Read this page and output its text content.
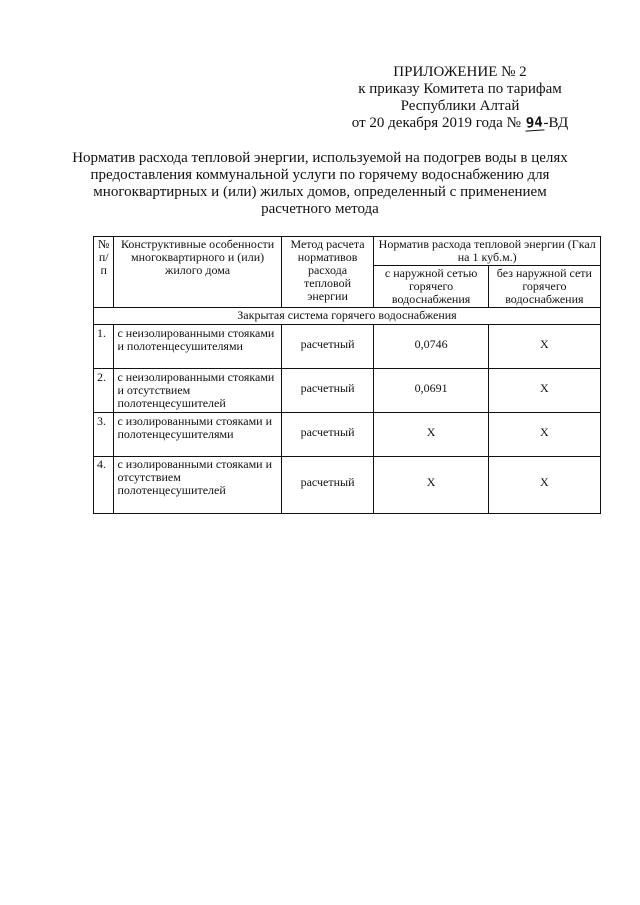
ПРИЛОЖЕНИЕ № 2
к приказу Комитета по тарифам
Республики Алтай
от 20 декабря 2019 года № 94-ВД
Норматив расхода тепловой энергии, используемой на подогрев воды в целях предоставления коммунальной услуги по горячему водоснабжению для многоквартирных и (или) жилых домов, определенный с применением расчетного метода
№ п/п	Конструктивные особенности многоквартирного и (или) жилого дома	Метод расчета нормативов расхода тепловой энергии	Норматив расхода тепловой энергии (Гкал на 1 куб.м.)	
			с наружной сетью горячего водоснабжения	без наружной сети горячего водоснабжения
Закрытая система горячего водоснабжения				
1.	с неизолированными стояками и полотенцесушителями	расчетный	0,0746	Х
2.	с неизолированными стояками и отсутствием полотенцесушителей	расчетный	0,0691	Х
3.	с изолированными стояками и полотенцесушителями	расчетный	Х	Х
4.	с изолированными стояками и отсутствием полотенцесушителей	расчетный	Х	Х
